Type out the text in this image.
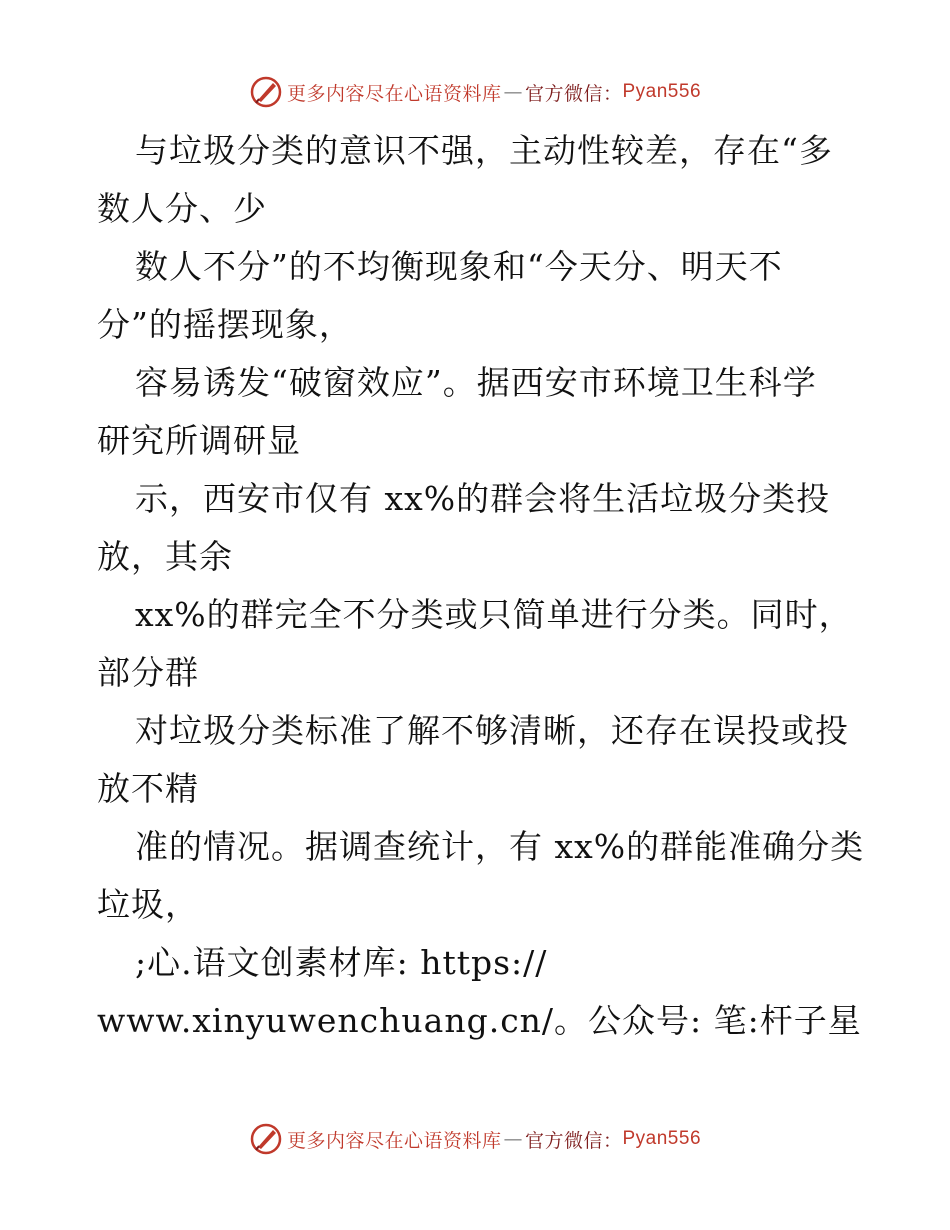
更多内容尽在心语资料库 — 官方微信： Pyan556

与垃圾分类的意识不强，主动性较差，存在“多
数人分、少

数人不分”的不均衡现象和“今天分、明天不
分”的摇摆现象，

容易诱发“破窗效应”。据西安市环境卫生科学
研究所调研显

示，西安市仅有 xx%的群会将生活垃圾分类投
放，其余

xx%的群完全不分类或只简单进行分类。同时，
部分群

对垃圾分类标准了解不够清晰，还存在误投或投
放不精

准的情况。据调查统计，有 xx%的群能准确分类
垃圾，

;心.语文创素材库: https://
www.xinyuwenchuang.cn/。公众号: 笔:杆子星

更多内容尽在心语资料库 — 官方微信： Pyan556
